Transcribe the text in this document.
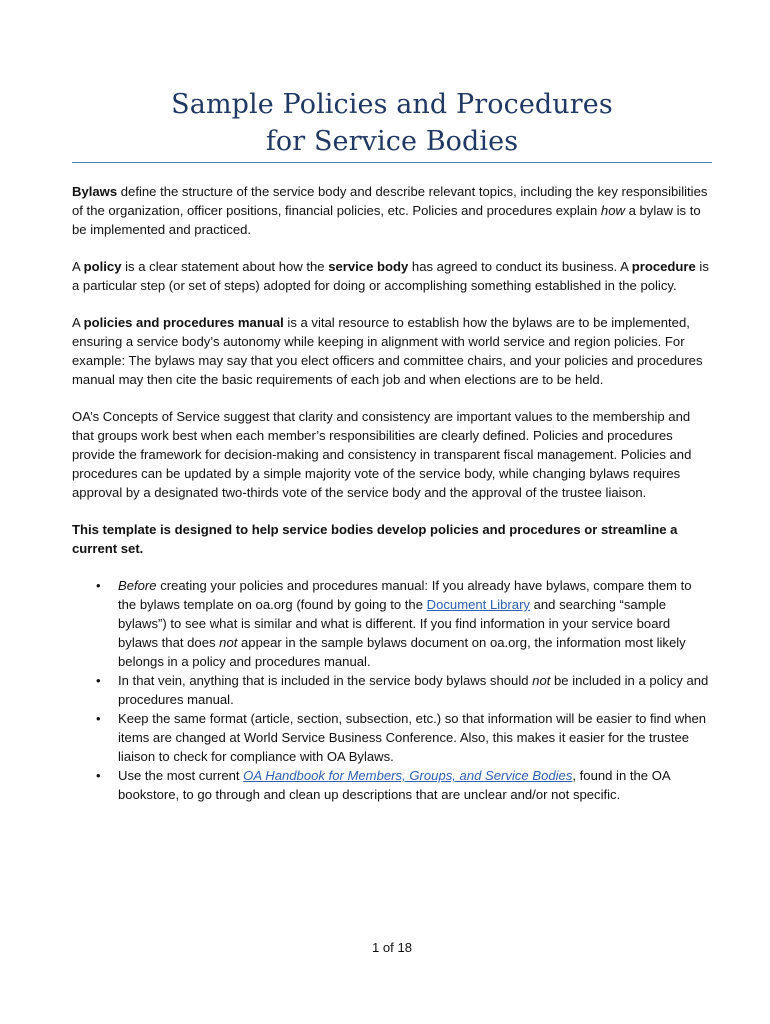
Sample Policies and Procedures
for Service Bodies

Bylaws define the structure of the service body and describe relevant topics, including the key responsibilities of the organization, officer positions, financial policies, etc. Policies and procedures explain how a bylaw is to be implemented and practiced.

A policy is a clear statement about how the service body has agreed to conduct its business. A procedure is a particular step (or set of steps) adopted for doing or accomplishing something established in the policy.

A policies and procedures manual is a vital resource to establish how the bylaws are to be implemented, ensuring a service body’s autonomy while keeping in alignment with world service and region policies. For example: The bylaws may say that you elect officers and committee chairs, and your policies and procedures manual may then cite the basic requirements of each job and when elections are to be held.

OA’s Concepts of Service suggest that clarity and consistency are important values to the membership and that groups work best when each member’s responsibilities are clearly defined. Policies and procedures provide the framework for decision-making and consistency in transparent fiscal management. Policies and procedures can be updated by a simple majority vote of the service body, while changing bylaws requires approval by a designated two-thirds vote of the service body and the approval of the trustee liaison.

This template is designed to help service bodies develop policies and procedures or streamline a current set.

• Before creating your policies and procedures manual: If you already have bylaws, compare them to the bylaws template on oa.org (found by going to the Document Library and searching “sample bylaws”) to see what is similar and what is different. If you find information in your service board bylaws that does not appear in the sample bylaws document on oa.org, the information most likely belongs in a policy and procedures manual.
• In that vein, anything that is included in the service body bylaws should not be included in a policy and procedures manual.
• Keep the same format (article, section, subsection, etc.) so that information will be easier to find when items are changed at World Service Business Conference. Also, this makes it easier for the trustee liaison to check for compliance with OA Bylaws.
• Use the most current OA Handbook for Members, Groups, and Service Bodies, found in the OA bookstore, to go through and clean up descriptions that are unclear and/or not specific.
1 of 18
